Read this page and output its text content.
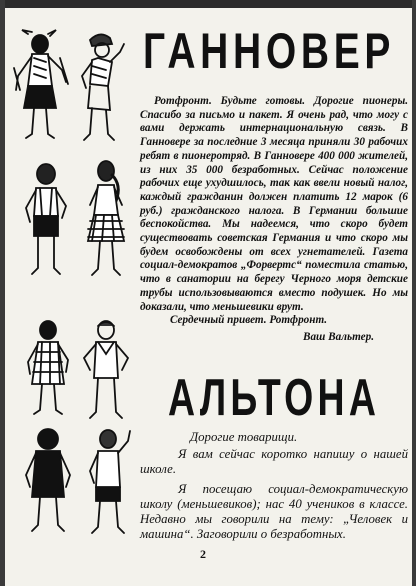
ГАННОВЕР

Ротфронт. Будьте готовы. Дорогие пионеры. Спасибо за письмо и пакет. Я очень рад, что могу с вами держать интернациональную связь. В Ганновере за последние 3 месяца приняли 30 рабочих ребят в пионеротряд. В Ганновере 400 000 жителей, из них 35 000 безработных. Сейчас положение рабочих еще ухудшилось, так как ввели новый налог, каждый гражданин должен платить 12 марок (6 руб.) гражданского налога. В Германии большие беспокойства. Мы надеемся, что скоро будет существовать советская Германия и что скоро мы будем освобождены от всех угнетателей. Газета социал-демократов „Форвертс“ поместила статью, что в санатории на берегу Черного моря детские трубы использовываются вместо подушек. Но мы доказали, что меньшевики врут.

Сердечный привет. Ротфронт.

Ваш Вальтер.

АЛЬТОНА

Дорогие товарищи.

Я вам сейчас коротко напишу о нашей школе.

Я посещаю социал-демократическую школу (меньшевиков); нас 40 учеников в классе. Недавно мы говорили на тему: „Человек и машина“. Заговорили о безработных.

2
